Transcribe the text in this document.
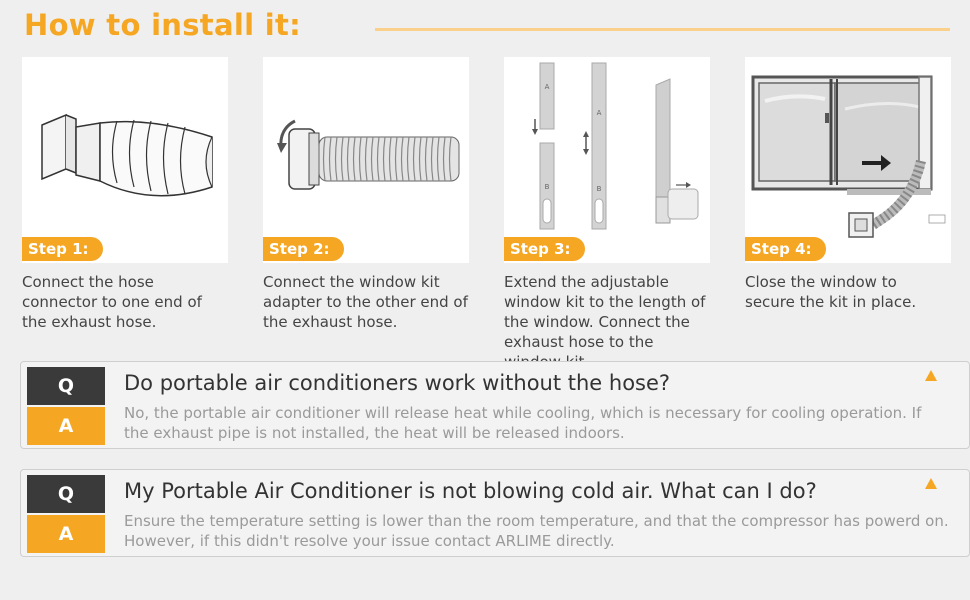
How to install it:
Step 1:
Connect the hose connector to one end of the exhaust hose.
Step 2:
Connect the window kit adapter to the other end of the exhaust hose.
A
B
A
B
Step 3:
Extend the adjustable window kit to the length of the window. Connect the exhaust hose to the
Step 4:
Close the window to secure the kit in place.
Q
A
Do portable air conditioners work without the hose?
No, the portable air conditioner will release heat while cooling, which is necessary for cooling operation. If the exhaust pipe is not installed, the heat will be released indoors.
Q
A
My Portable Air Conditioner is not blowing cold air. What can I do?
Ensure the temperature setting is lower than the room temperature, and that the compressor has powerd on. However, if this didn't resolve your issue contact ARLIME directly.
